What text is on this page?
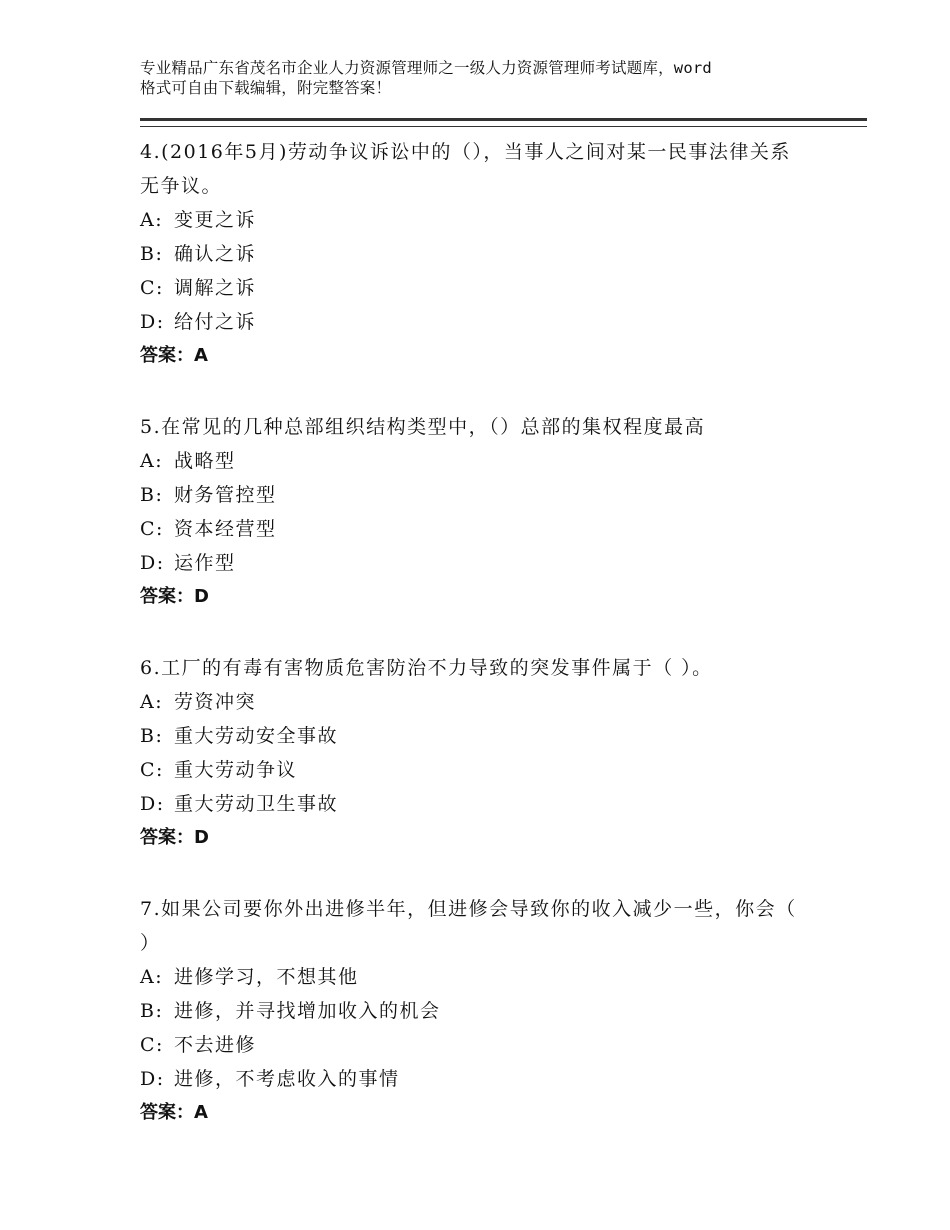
专业精品广东省茂名市企业人力资源管理师之一级人力资源管理师考试题库，word
格式可自由下载编辑，附完整答案！
4.(2016年5月)劳动争议诉讼中的（），当事人之间对某一民事法律关系无争议。
A: 变更之诉
B: 确认之诉
C: 调解之诉
D: 给付之诉
答案：A
5.在常见的几种总部组织结构类型中，（）总部的集权程度最高
A: 战略型
B: 财务管控型
C: 资本经营型
D: 运作型
答案：D
6.工厂的有毒有害物质危害防治不力导致的突发事件属于（ ）。
A: 劳资冲突
B: 重大劳动安全事故
C: 重大劳动争议
D: 重大劳动卫生事故
答案：D
7.如果公司要你外出进修半年，但进修会导致你的收入减少一些，你会（ ）
A: 进修学习，不想其他
B: 进修，并寻找增加收入的机会
C: 不去进修
D: 进修，不考虑收入的事情
答案：A
